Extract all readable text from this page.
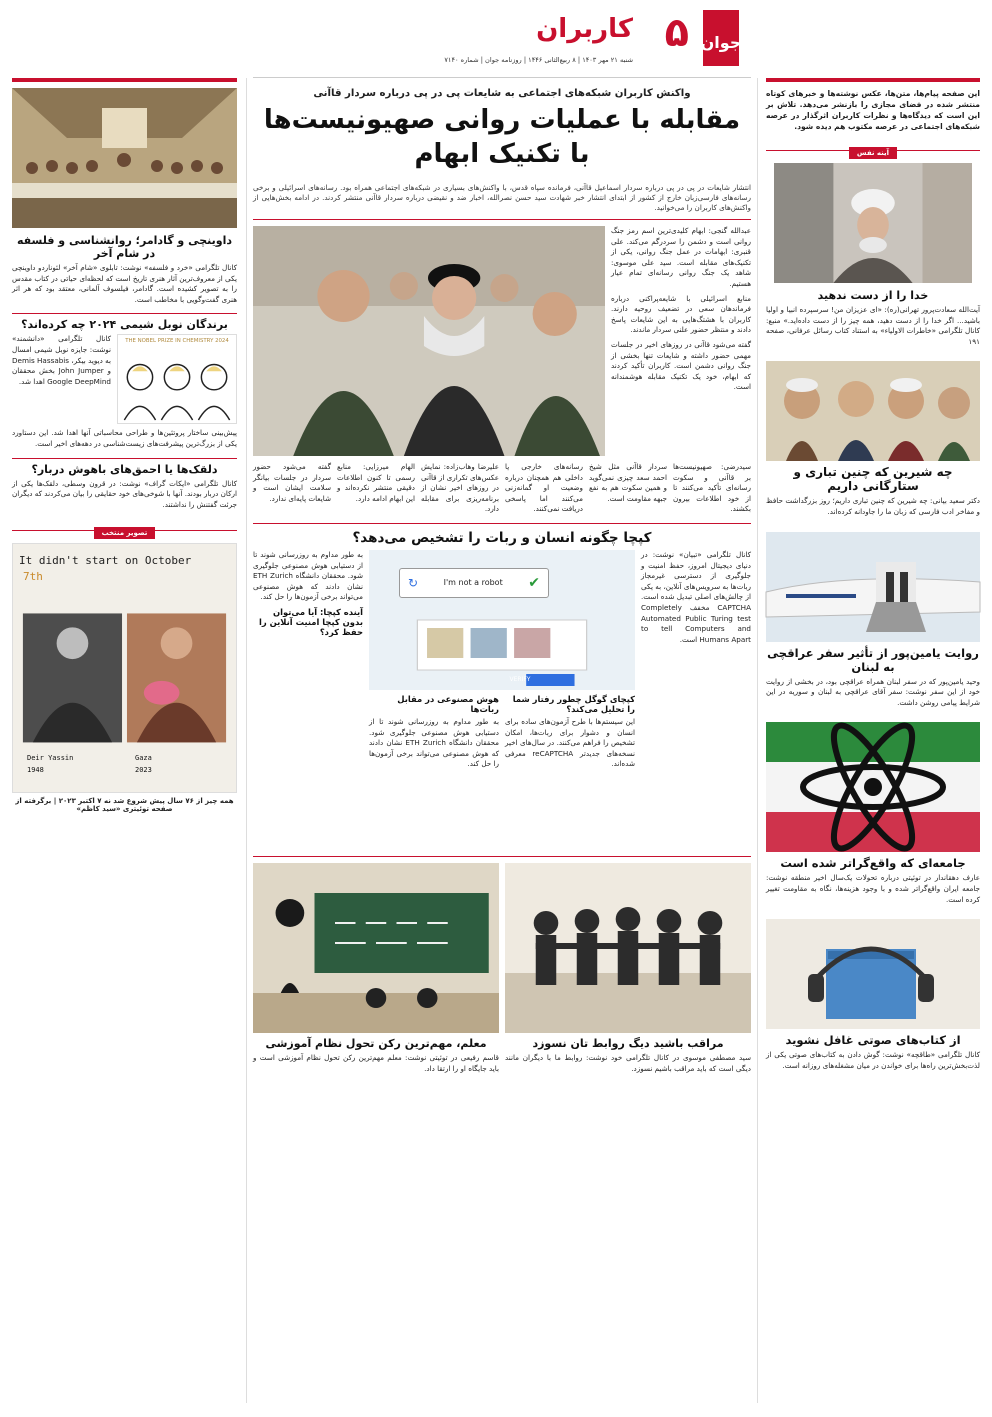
این صفحه پیام‌ها، متن‌ها، عکس نوشته‌ها و خبرهای کوتاه منتشر شده در فضای مجازی را بازنشر می‌دهد. تلاش بر این است که دیدگاه‌ها و نظرات کاربران اثرگذار در عرصه شبکه‌های اجتماعی در عرصه مکتوب هم دیده شود.

آینه نفس
خدا را از دست ندهید

آیت‌الله سعادت‌پرور تهرانی(ره): «ای عزیزان من! سرسپرده انبیا و اولیا باشید... اگر خدا را از دست دهید، همه چیز را از دست داده‌اید.» منبع: کانال تلگرامی «خاطرات الاولیاء» به استناد کتاب رسائل عرفانی، صفحه ۱۹۱

چه شیرین که چنین تباری و ستارگانی داریم

دکتر سعید بیانی: چه شیرین که چنین تباری داریم؛ روز بزرگداشت حافظ و مفاخر ادب فارسی که زبان ما را جاودانه کرده‌اند.

روایت یامین‌پور از تأثیر سفر عراقچی به لبنان

وحید یامین‌پور که در سفر لبنان همراه عراقچی بود، در بخشی از روایت خود از این سفر نوشت: سفر آقای عراقچی به لبنان و سوریه در این شرایط پیامی روشن داشت.

جامعه‌ای که واقع‌گراتر شده است

عارف دهقاندار در توئیتی درباره تحولات یک‌سال اخیر منطقه نوشت: جامعه ایران واقع‌گراتر شده و با وجود هزینه‌ها، نگاه به مقاومت تغییر کرده است.

از کتاب‌های صوتی غافل نشوید

کانال تلگرامی «طاقچه» نوشت: گوش دادن به کتاب‌های صوتی یکی از لذت‌بخش‌ترین راه‌ها برای خواندن در میان مشغله‌های روزانه است.

جوان
۵
کاربران
شنبه ۲۱ مهر ۱۴۰۳ | ۸ ربیع‌الثانی ۱۴۴۶ | روزنامه جوان | شماره ۷۱۴۰
واکنش کاربران شبکه‌های اجتماعی به شایعات پی در پی درباره سردار قاآنی
مقابله با عملیات روانی صهیونیست‌ها
با تکنیک ابهام

انتشار شایعات در پی در پی درباره سردار اسماعیل قاآنی، فرمانده سپاه قدس، با واکنش‌های بسیاری در شبکه‌های اجتماعی همراه بود. رسانه‌های اسرائیلی و برخی رسانه‌های فارسی‌زبان خارج از کشور از ابتدای انتشار خبر شهادت سید حسن نصرالله، اخبار ضد و نقیضی درباره سردار قاآنی منتشر کردند. در ادامه بخش‌هایی از واکنش‌های کاربران را می‌خوانید.

عبدالله گنجی: ابهام کلیدی‌ترین اسم رمز جنگ روانی است و دشمن را سردرگم می‌کند. علی قنبری: ابهامات در عمل جنگ روانی، یکی از تکنیک‌های مقابله است. سید علی موسوی: شاهد یک جنگ روانی رسانه‌ای تمام عیار هستیم.

منابع اسرائیلی با شایعه‌پراکنی درباره فرماندهان سعی در تضعیف روحیه دارند. کاربران با هشتگ‌هایی به این شایعات پاسخ دادند و منتظر حضور علنی سردار ماندند.

گفته می‌شود قاآنی در روزهای اخیر در جلسات مهمی حضور داشته و شایعات تنها بخشی از جنگ روانی دشمن است. کاربران تأکید کردند که ابهام، خود یک تکنیک مقابله هوشمندانه است.

سیدرضی: صهیونیست‌ها بر قاآنی و سکوت رسانه‌ای تأکید می‌کنند تا از خود اطلاعات بیرون بکشند.

سردار قاآنی مثل شیخ احمد سعد چیزی نمی‌گوید و همین سکوت هم به نفع جبهه مقاومت است.

رسانه‌های خارجی یا داخلی هم همچنان درباره وضعیت او گمانه‌زنی می‌کنند اما پاسخی دریافت نمی‌کنند.

علیرضا وهاب‌زاده: نمایش عکس‌های تکراری از قاآنی در روزهای اخیر نشان از برنامه‌ریزی برای مقابله دارد.

الهام میرزایی: منابع رسمی تا کنون اطلاعات دقیقی منتشر نکرده‌اند و این ابهام ادامه دارد.

گفته می‌شود حضور سردار در جلسات بیانگر سلامت ایشان است و شایعات پایه‌ای ندارد.

کپچا چگونه انسان و ربات را تشخیص می‌دهد؟

کانال تلگرامی «تبیان» نوشت: در دنیای دیجیتال امروز، حفظ امنیت و جلوگیری از دسترسی غیرمجاز ربات‌ها به سرویس‌های آنلاین، به یکی از چالش‌های اصلی تبدیل شده است. CAPTCHA مخفف Completely Automated Public Turing test to tell Computers and Humans Apart است.

✔
I'm not a robot
↻
VERIFY
کپچای گوگل چطور رفتار شما را تحلیل می‌کند؟

این سیستم‌ها با طرح آزمون‌های ساده برای انسان و دشوار برای ربات‌ها، امکان تشخیص را فراهم می‌کنند. در سال‌های اخیر نسخه‌های جدیدتر reCAPTCHA معرفی شده‌اند.

هوش مصنوعی در مقابل ربات‌ها

به طور مداوم به روزرسانی شوند تا از دستیابی هوش مصنوعی جلوگیری شود. محققان دانشگاه ETH Zurich نشان دادند که هوش مصنوعی می‌تواند برخی آزمون‌ها را حل کند.

به طور مداوم به روزرسانی شوند تا از دستیابی هوش مصنوعی جلوگیری شود. محققان دانشگاه ETH Zurich نشان دادند که هوش مصنوعی می‌تواند برخی آزمون‌ها را حل کند.

آینده کپچا: آیا می‌توان بدون کپچا امنیت آنلاین را حفظ کرد؟
مراقب باشید دیگ روابط تان نسوزد

سید مصطفی موسوی در کانال تلگرامی خود نوشت: روابط ما با دیگران مانند دیگی است که باید مراقب باشیم نسوزد.

معلم، مهم‌ترین رکن تحول نظام آموزشی

قاسم رفیعی در توئیتی نوشت: معلم مهم‌ترین رکن تحول نظام آموزشی است و باید جایگاه او را ارتقا داد.

داوینچی و گادامر؛ روانشناسی و فلسفه در شام آخر

کانال تلگرامی «خرد و فلسفه» نوشت: تابلوی «شام آخر» لئوناردو داوینچی یکی از معروف‌ترین آثار هنری تاریخ است که لحظه‌ای حیاتی در کتاب مقدس را به تصویر کشیده است. گادامر، فیلسوف آلمانی، معتقد بود که هر اثر هنری گفت‌وگویی با مخاطب است.

برندگان نوبل شیمی ۲۰۲۴ چه کرده‌اند؟
THE NOBEL PRIZE IN CHEMISTRY 2024

کانال تلگرامی «دانشمند» نوشت: جایزه نوبل شیمی امسال به دیوید بیکر، Demis Hassabis و John Jumper بخش محققان Google DeepMind اهدا شد.

پیش‌بینی ساختار پروتئین‌ها و طراحی محاسباتی آنها اهدا شد. این دستاورد یکی از بزرگ‌ترین پیشرفت‌های زیست‌شناسی در دهه‌های اخیر است.

دلقک‌ها یا احمق‌های باهوش دربار؟

کانال تلگرامی «ایکات گراف» نوشت: در قرون وسطی، دلقک‌ها یکی از ارکان دربار بودند. آنها با شوخی‌های خود حقایقی را بیان می‌کردند که دیگران جرئت گفتنش را نداشتند.

تصویر منتخب
It didn't start on October
7th
Deir Yassin
1948
Gaza
2023
همه چیز از ۷۶ سال پیش شروع شد نه ۷ اکتبر ۲۰۲۳ | برگرفته از صفحه توئیتری «سید کاظم»
